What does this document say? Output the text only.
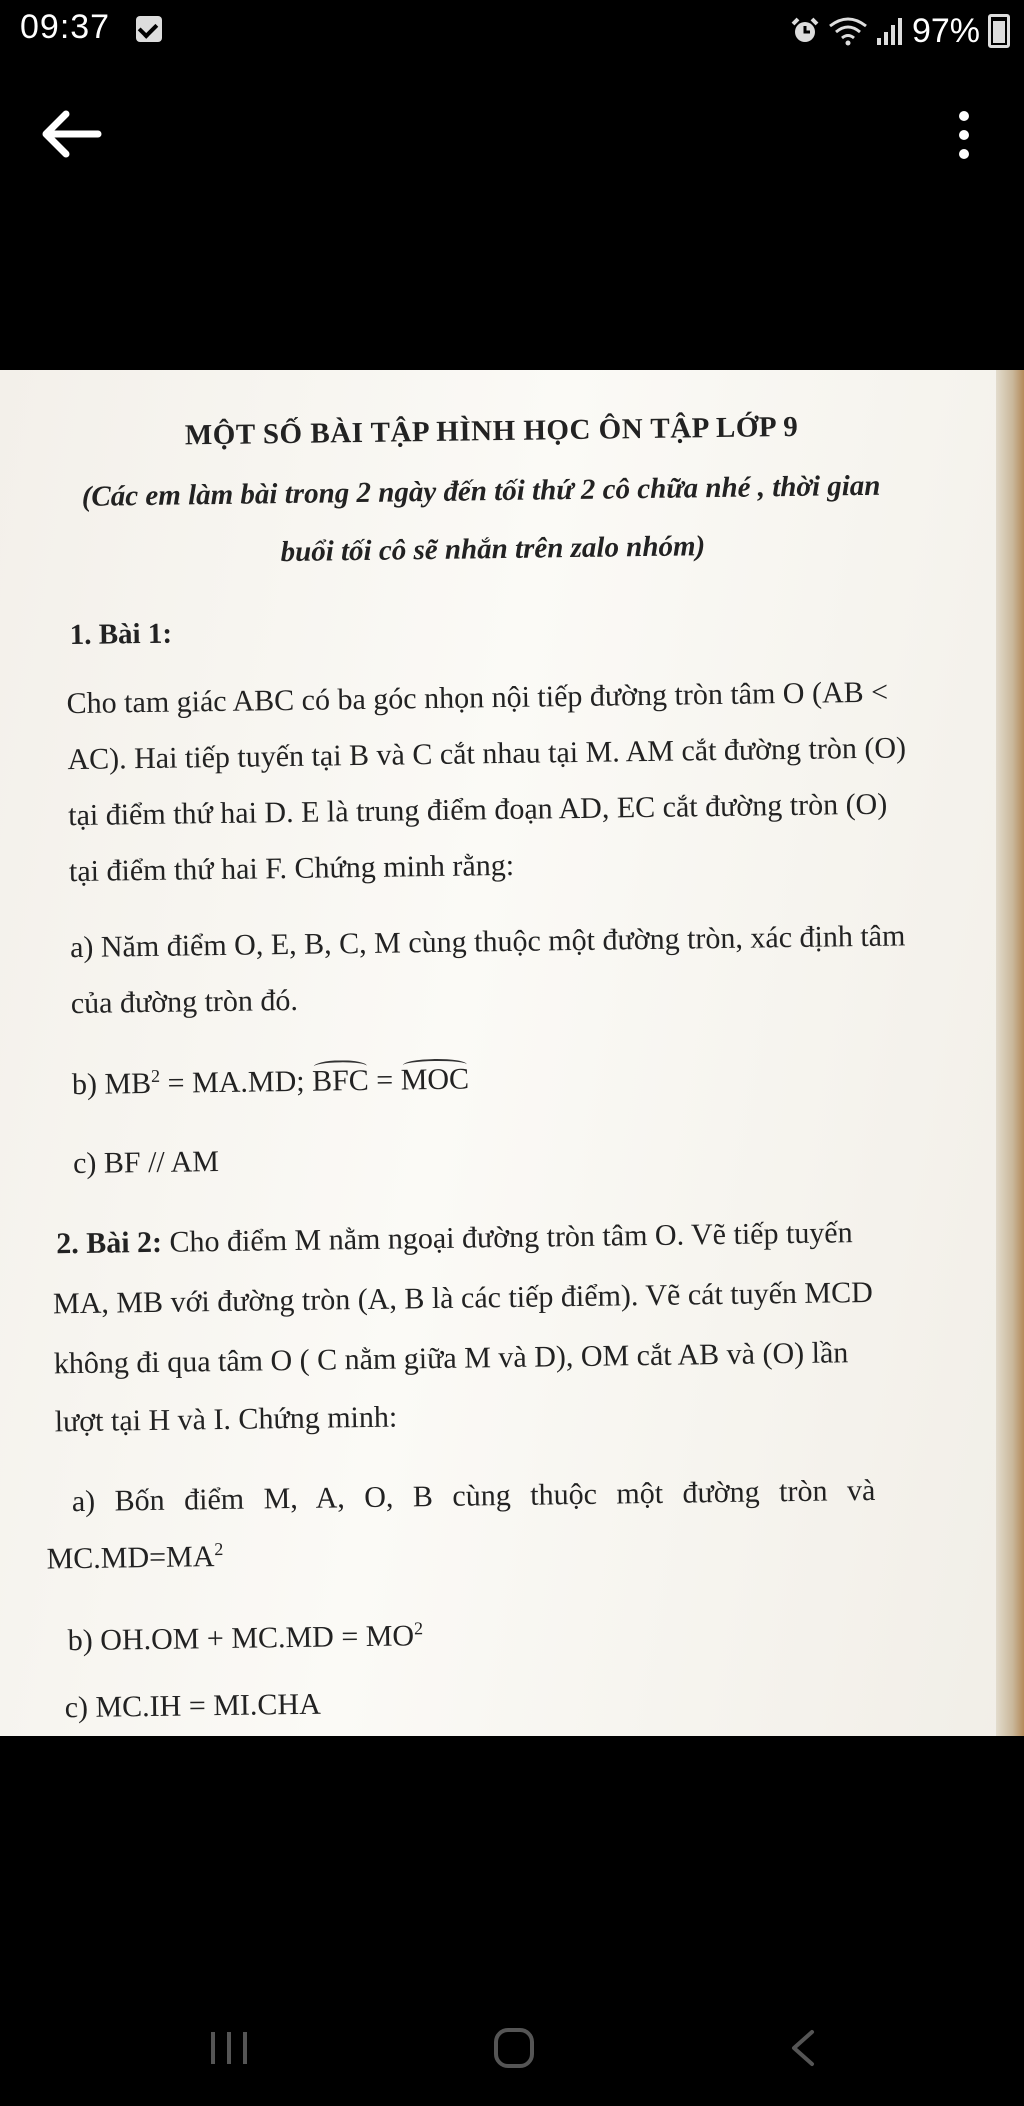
09:37	97%
MỘT SỐ BÀI TẬP HÌNH HỌC ÔN TẬP LỚP 9
(Các em làm bài trong 2 ngày đến tối thứ 2 cô chữa nhé , thời gian
buổi tối cô sẽ nhắn trên zalo nhóm)
1. Bài 1:
Cho tam giác ABC có ba góc nhọn nội tiếp đường tròn tâm O (AB <
AC). Hai tiếp tuyến tại B và C cắt nhau tại M. AM cắt đường tròn (O)
tại điểm thứ hai D. E là trung điểm đoạn AD, EC cắt đường tròn (O)
tại điểm thứ hai F. Chứng minh rằng:
a) Năm điểm O, E, B, C, M cùng thuộc một đường tròn, xác định tâm
của đường tròn đó.
b) $MB^2 = MA.MD$; BFC = MOC
c) BF // AM
2. Bài 2: Cho điểm M nằm ngoại đường tròn tâm O. Vẽ tiếp tuyến
MA, MB với đường tròn (A, B là các tiếp điểm). Vẽ cát tuyến MCD
không đi qua tâm O ( C nằm giữa M và D), OM cắt AB và (O) lần
lượt tại H và I. Chứng minh:
a) Bốn điểm M, A, O, B cùng thuộc một đường tròn và
$MC.MD=MA^2$
b) $OH.OM + MC.MD = MO^2$
c) MC.IH = MI.CHA
